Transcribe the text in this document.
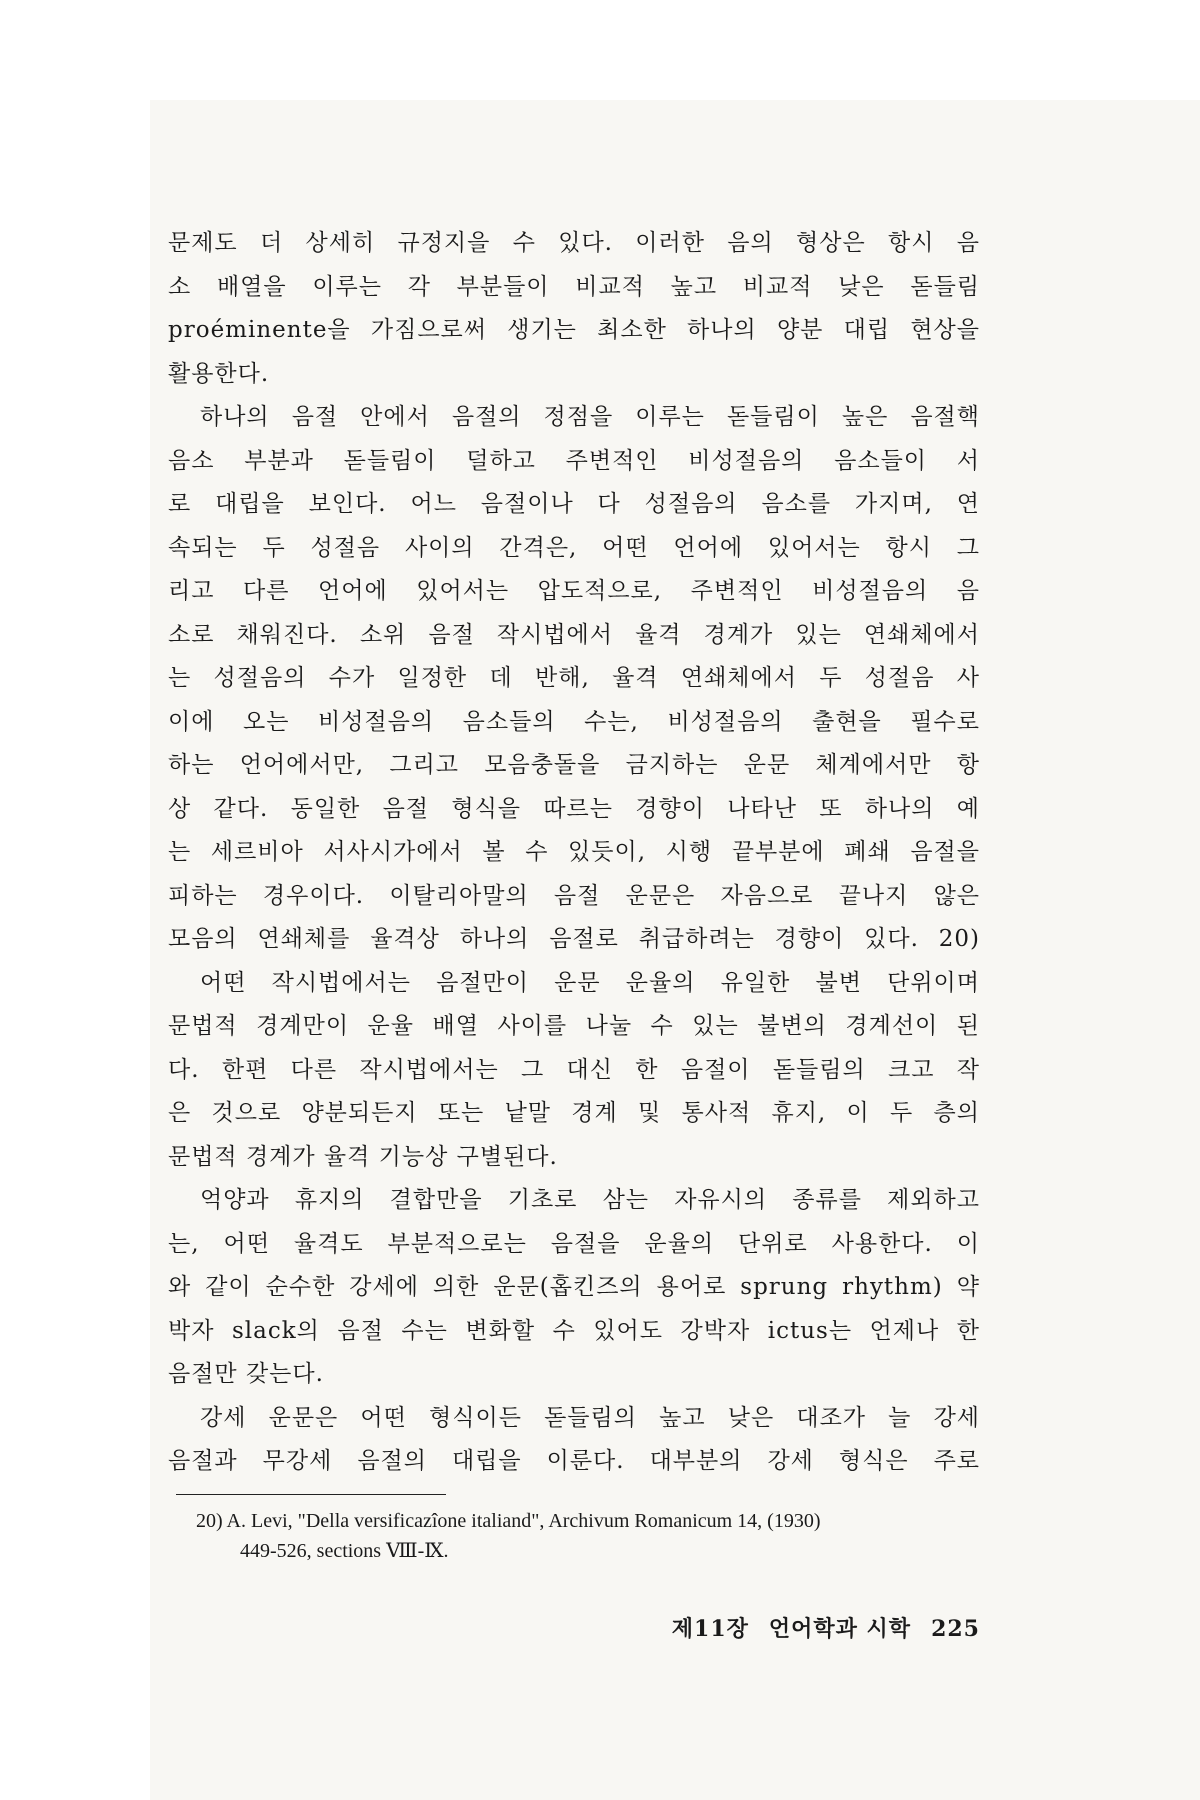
문제도 더 상세히 규정지을 수 있다. 이러한 음의 형상은 항시 음
소 배열을 이루는 각 부분들이 비교적 높고 비교적 낮은 돋들림
proéminente을 가짐으로써 생기는 최소한 하나의 양분 대립 현상을
활용한다.
하나의 음절 안에서 음절의 정점을 이루는 돋들림이 높은 음절핵
음소 부분과 돋들림이 덜하고 주변적인 비성절음의 음소들이 서
로 대립을 보인다. 어느 음절이나 다 성절음의 음소를 가지며, 연
속되는 두 성절음 사이의 간격은, 어떤 언어에 있어서는 항시 그
리고 다른 언어에 있어서는 압도적으로, 주변적인 비성절음의 음
소로 채워진다. 소위 음절 작시법에서 율격 경계가 있는 연쇄체에서
는 성절음의 수가 일정한 데 반해, 율격 연쇄체에서 두 성절음 사
이에 오는 비성절음의 음소들의 수는, 비성절음의 출현을 필수로
하는 언어에서만, 그리고 모음충돌을 금지하는 운문 체계에서만 항
상 같다. 동일한 음절 형식을 따르는 경향이 나타난 또 하나의 예
는 세르비아 서사시가에서 볼 수 있듯이, 시행 끝부분에 폐쇄 음절을
피하는 경우이다. 이탈리아말의 음절 운문은 자음으로 끝나지 않은
모음의 연쇄체를 율격상 하나의 음절로 취급하려는 경향이 있다. 20)
어떤 작시법에서는 음절만이 운문 운율의 유일한 불변 단위이며
문법적 경계만이 운율 배열 사이를 나눌 수 있는 불변의 경계선이 된
다. 한편 다른 작시법에서는 그 대신 한 음절이 돋들림의 크고 작
은 것으로 양분되든지 또는 낱말 경계 및 통사적 휴지, 이 두 층의
문법적 경계가 율격 기능상 구별된다.
억양과 휴지의 결합만을 기초로 삼는 자유시의 종류를 제외하고
는, 어떤 율격도 부분적으로는 음절을 운율의 단위로 사용한다. 이
와 같이 순수한 강세에 의한 운문(홉킨즈의 용어로 sprung rhythm) 약
박자 slack의 음절 수는 변화할 수 있어도 강박자 ictus는 언제나 한
음절만 갖는다.
강세 운문은 어떤 형식이든 돋들림의 높고 낮은 대조가 늘 강세
음절과 무강세 음절의 대립을 이룬다. 대부분의 강세 형식은 주로
20) A. Levi, "Della versificazîone italiand", Archivum Romanicum 14, (1930)
449-526, sections Ⅷ-Ⅸ.
제11장 언어학과 시학 225
